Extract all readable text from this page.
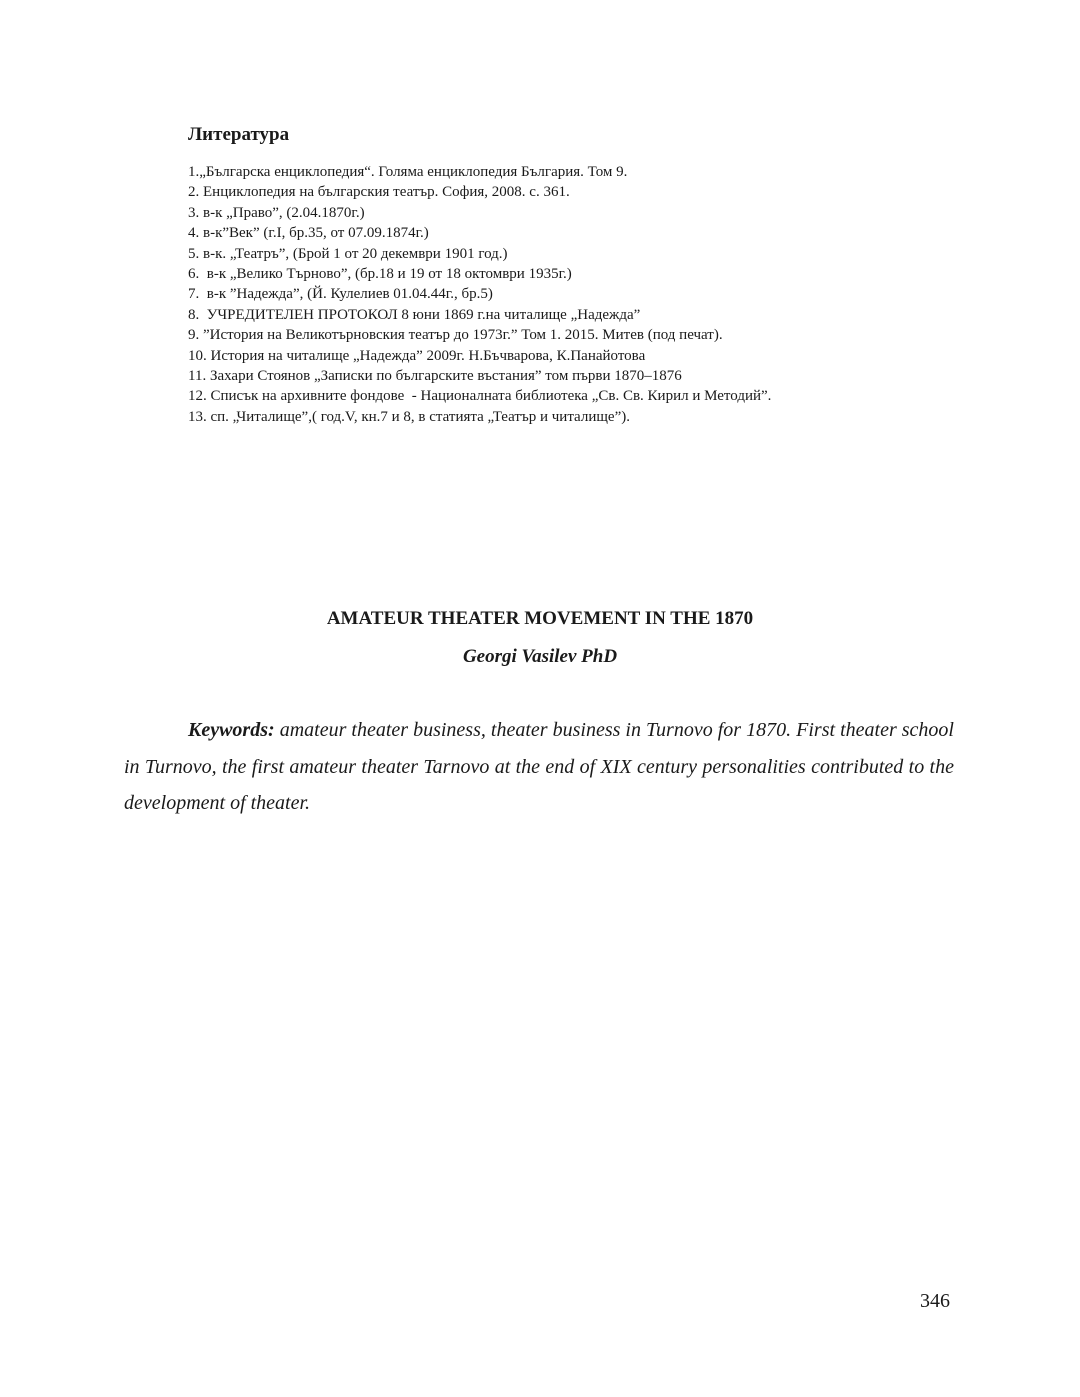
Литература
1.„Българска енциклопедия“. Голяма енциклопедия България. Том 9.
2. Енциклопедия на българския театър. София, 2008. с. 361.
3. в-к „Право”, (2.04.1870г.)
4. в-к”Век” (г.I, бр.35, от 07.09.1874г.)
5. в-к. „Театръ”, (Брой 1 от 20 декември 1901 год.)
6.  в-к „Велико Търново”, (бр.18 и 19 от 18 октомври 1935г.)
7.  в-к ”Надежда”, (Й. Кулелиев 01.04.44г., бр.5)
8.  УЧРЕДИТЕЛЕН ПРОТОКОЛ 8 юни 1869 г.на читалище „Надежда”
9. ”История на Великотърновския театър до 1973г.” Том 1. 2015. Митев (под печат).
10. История на читалище „Надежда” 2009г. Н.Бъчварова, К.Панайотова
11. Захари Стоянов „Записки по българските въстания” том първи 1870–1876
12. Списък на архивните фондове  - Националната библиотека „Св. Св. Кирил и Методий”.
13. сп. „Читалище”,( год.V, кн.7 и 8, в статията „Театър и читалище”).
AMATEUR THEATER MOVEMENT IN THE 1870

Georgi Vasilev PhD

Keywords: amateur theater business, theater business in Turnovo for 1870. First theater school in Turnovo, the first amateur theater Tarnovo at the end of XIX century personalities contributed to the development of theater.

346
